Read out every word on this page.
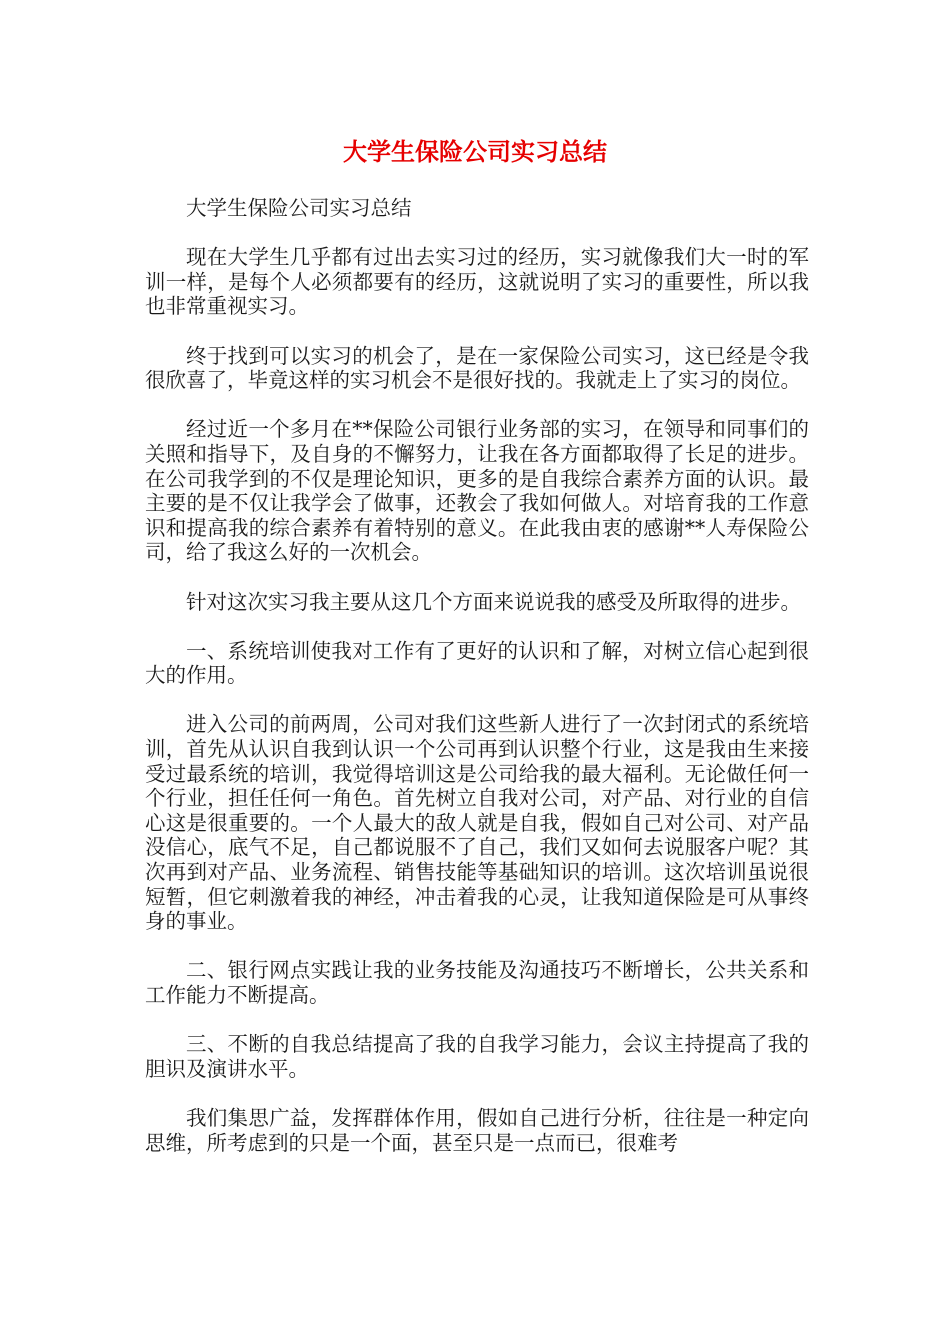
大学生保险公司实习总结

大学生保险公司实习总结

现在大学生几乎都有过出去实习过的经历，实习就像我们大一时的军训一样，是每个人必须都要有的经历，这就说明了实习的重要性，所以我也非常重视实习。

终于找到可以实习的机会了，是在一家保险公司实习，这已经是令我很欣喜了，毕竟这样的实习机会不是很好找的。我就走上了实习的岗位。

经过近一个多月在**保险公司银行业务部的实习，在领导和同事们的关照和指导下，及自身的不懈努力，让我在各方面都取得了长足的进步。在公司我学到的不仅是理论知识，更多的是自我综合素养方面的认识。最主要的是不仅让我学会了做事，还教会了我如何做人。对培育我的工作意识和提高我的综合素养有着特别的意义。在此我由衷的感谢**人寿保险公司，给了我这么好的一次机会。

针对这次实习我主要从这几个方面来说说我的感受及所取得的进步。

一、系统培训使我对工作有了更好的认识和了解，对树立信心起到很大的作用。

进入公司的前两周，公司对我们这些新人进行了一次封闭式的系统培训，首先从认识自我到认识一个公司再到认识整个行业，这是我由生来接受过最系统的培训，我觉得培训这是公司给我的最大福利。无论做任何一个行业，担任任何一角色。首先树立自我对公司，对产品、对行业的自信心这是很重要的。一个人最大的敌人就是自我，假如自己对公司、对产品没信心，底气不足，自己都说服不了自己，我们又如何去说服客户呢？其次再到对产品、业务流程、销售技能等基础知识的培训。这次培训虽说很短暂，但它刺激着我的神经，冲击着我的心灵，让我知道保险是可从事终身的事业。

二、银行网点实践让我的业务技能及沟通技巧不断增长，公共关系和工作能力不断提高。

三、不断的自我总结提高了我的自我学习能力，会议主持提高了我的胆识及演讲水平。

我们集思广益，发挥群体作用，假如自己进行分析，往往是一种定向思维，所考虑到的只是一个面，甚至只是一点而已，很难考
